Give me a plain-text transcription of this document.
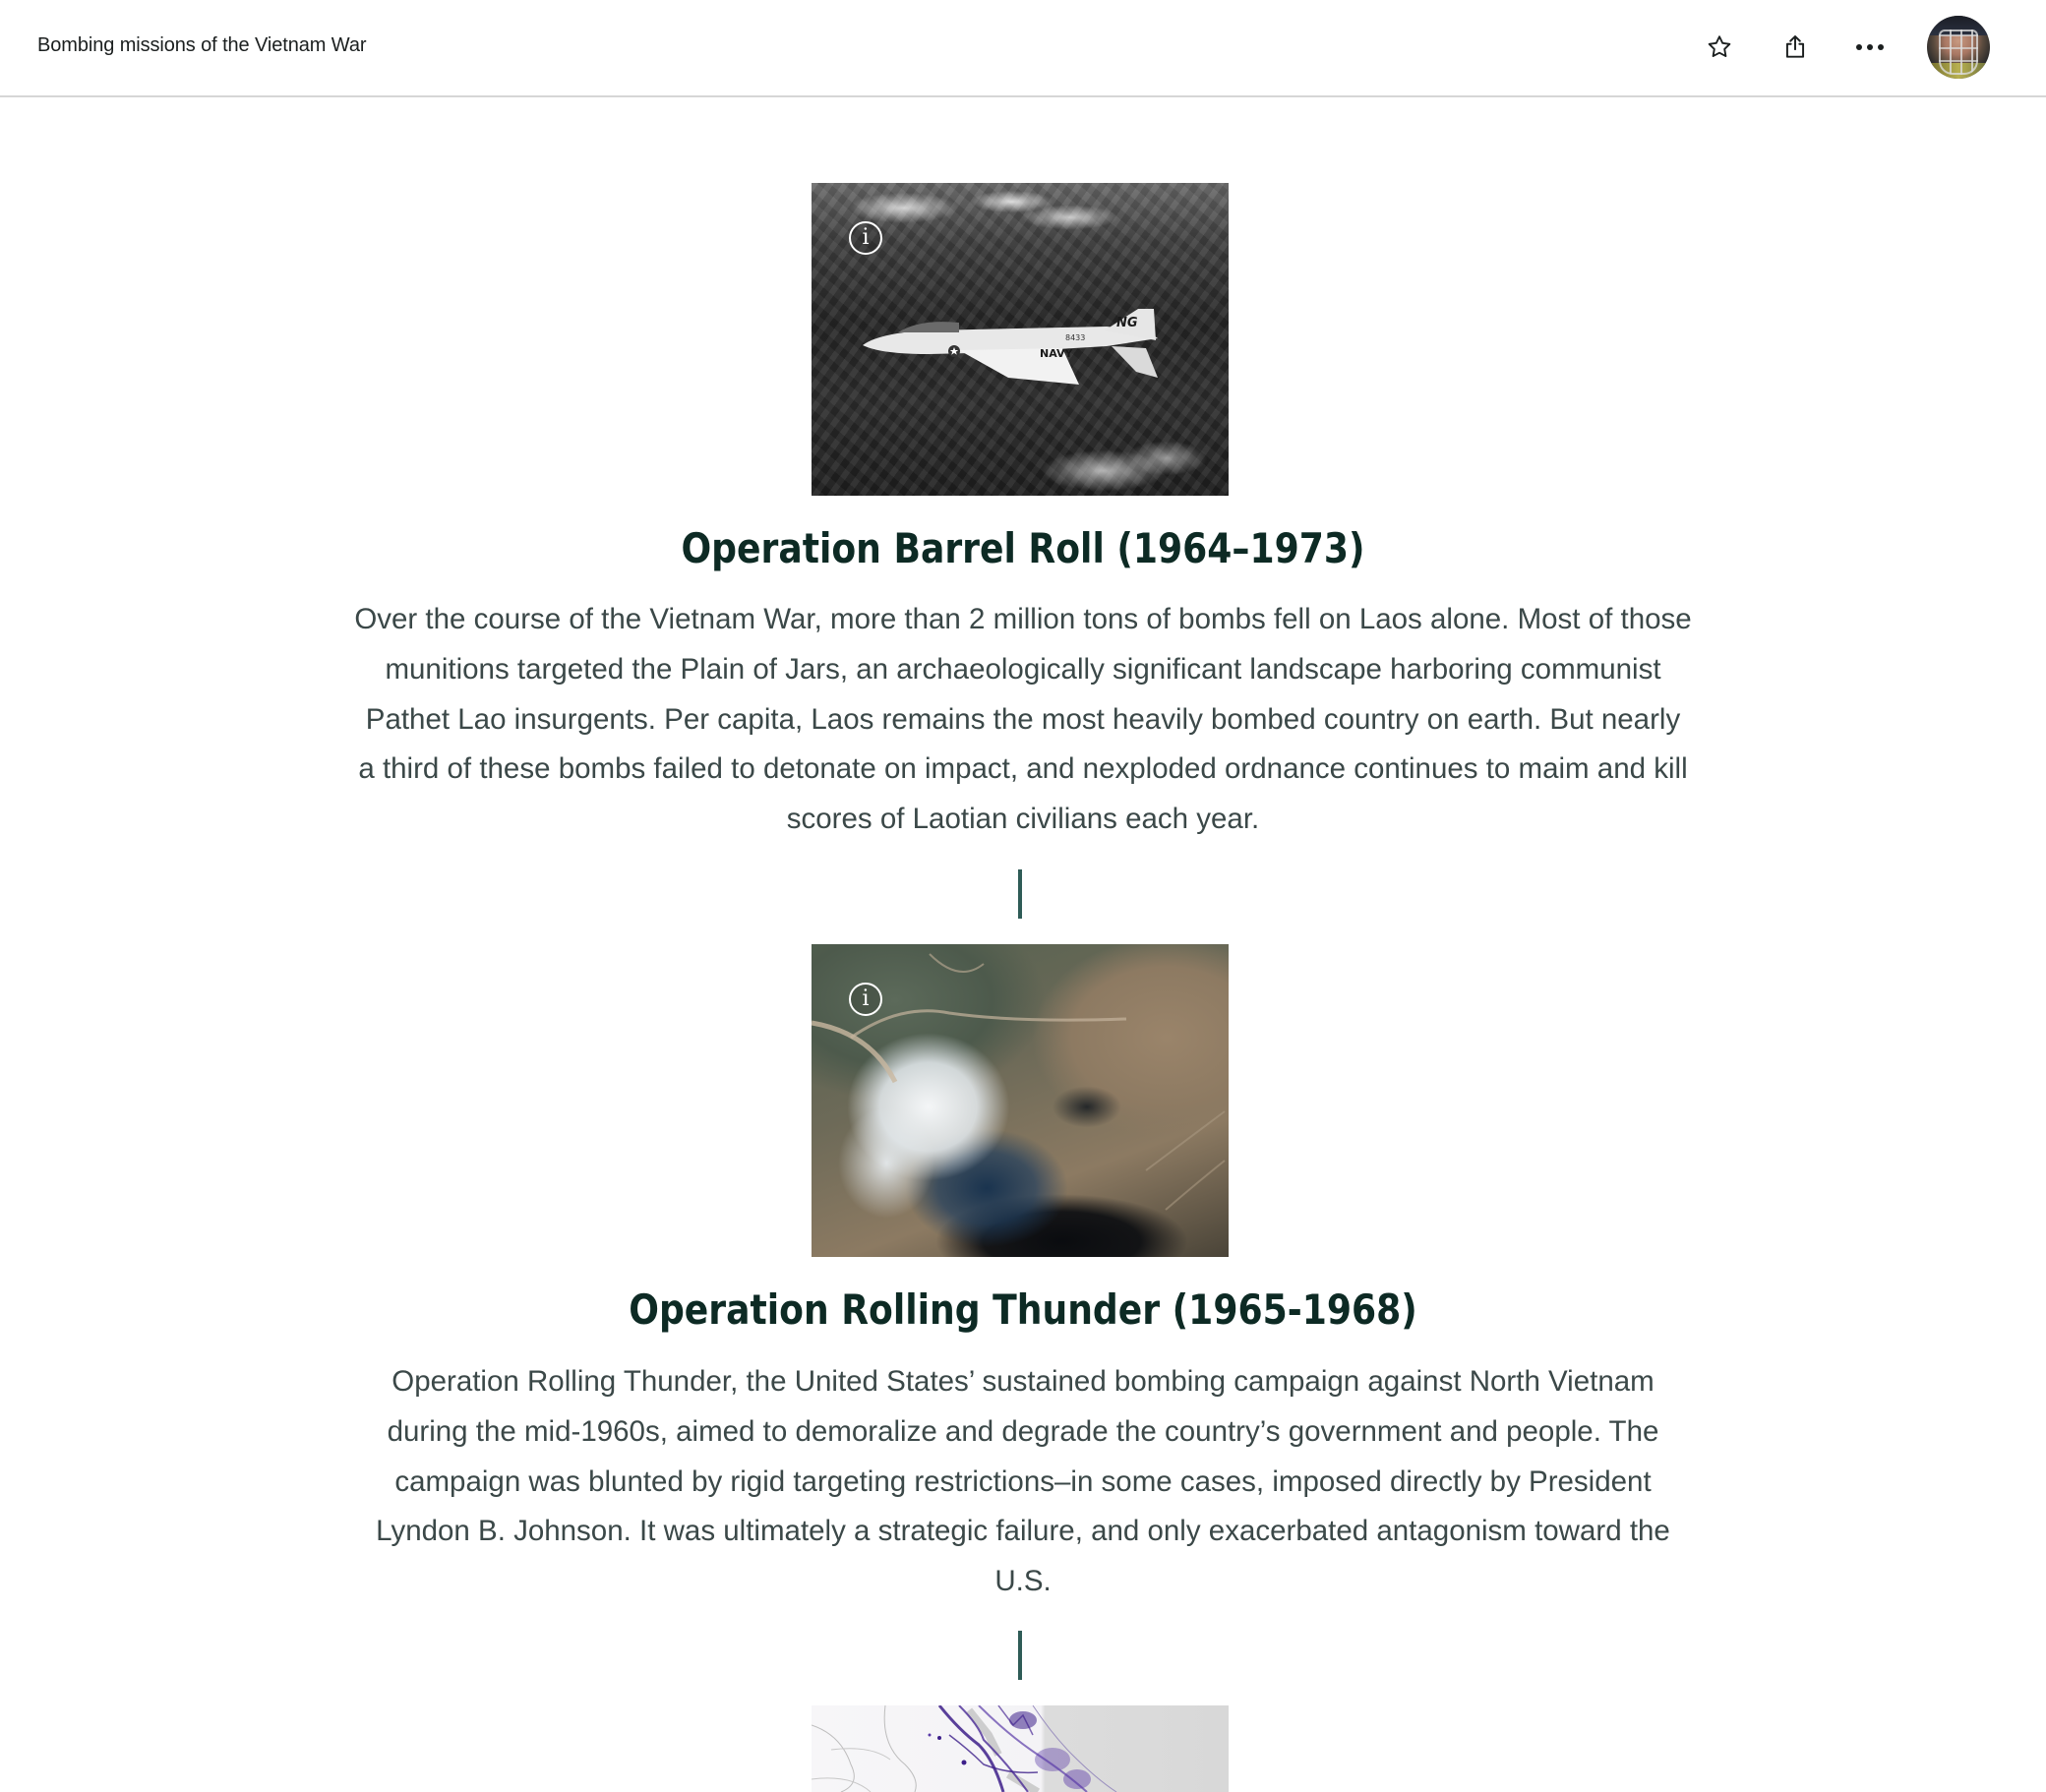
Bombing missions of the Vietnam War
NG
8433
NAVY
i
Operation Barrel Roll (1964–1973)

Over the course of the Vietnam War, more than 2 million tons of bombs fell on Laos alone. Most of those munitions targeted the Plain of Jars, an archaeologically significant landscape harboring communist Pathet Lao insurgents. Per capita, Laos remains the most heavily bombed country on earth. But nearly a third of these bombs failed to detonate on impact, and nexploded ordnance continues to maim and kill scores of Laotian civilians each year.

i
Operation Rolling Thunder (1965-1968)

Operation Rolling Thunder, the United States’ sustained bombing campaign against North Vietnam during the mid-1960s, aimed to demoralize and degrade the country’s government and people. The campaign was blunted by rigid targeting restrictions–in some cases, imposed directly by President Lyndon B. Johnson. It was ultimately a strategic failure, and only exacerbated antagonism toward the U.S.
